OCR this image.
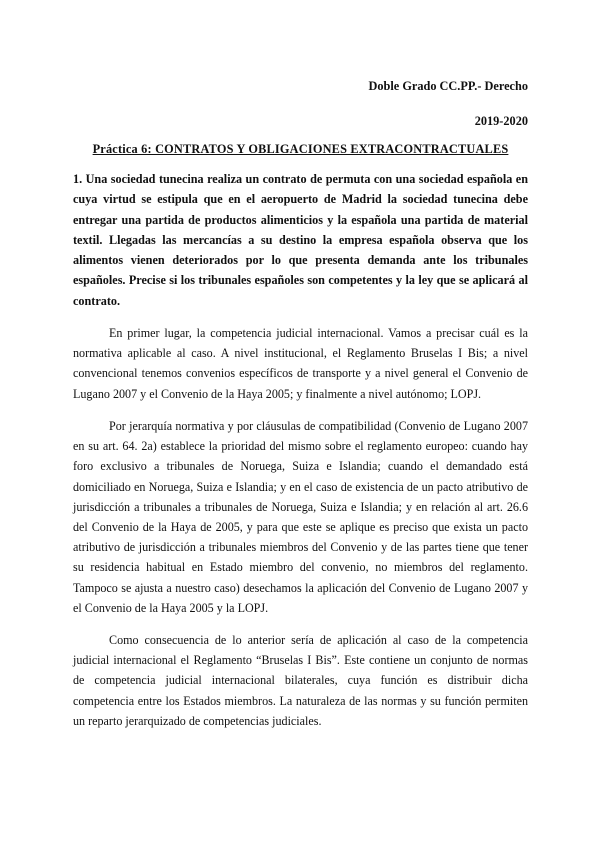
Doble Grado CC.PP.- Derecho

2019-2020

Práctica 6: CONTRATOS Y OBLIGACIONES EXTRACONTRACTUALES

1. Una sociedad tunecina realiza un contrato de permuta con una sociedad española en cuya virtud se estipula que en el aeropuerto de Madrid la sociedad tunecina debe entregar una partida de productos alimenticios y la española una partida de material textil. Llegadas las mercancías a su destino la empresa española observa que los alimentos vienen deteriorados por lo que presenta demanda ante los tribunales españoles. Precise si los tribunales españoles son competentes y la ley que se aplicará al contrato.

En primer lugar, la competencia judicial internacional. Vamos a precisar cuál es la normativa aplicable al caso. A nivel institucional, el Reglamento Bruselas I Bis; a nivel convencional tenemos convenios específicos de transporte y a nivel general el Convenio de Lugano 2007 y el Convenio de la Haya 2005; y finalmente a nivel autónomo; LOPJ.

Por jerarquía normativa y por cláusulas de compatibilidad (Convenio de Lugano 2007 en su art. 64. 2a) establece la prioridad del mismo sobre el reglamento europeo: cuando hay foro exclusivo a tribunales de Noruega, Suiza e Islandia; cuando el demandado está domiciliado en Noruega, Suiza e Islandia; y en el caso de existencia de un pacto atributivo de jurisdicción a tribunales a tribunales de Noruega, Suiza e Islandia; y en relación al art. 26.6 del Convenio de la Haya de 2005, y para que este se aplique es preciso que exista un pacto atributivo de jurisdicción a tribunales miembros del Convenio y de las partes tiene que tener su residencia habitual en Estado miembro del convenio, no miembros del reglamento. Tampoco se ajusta a nuestro caso) desechamos la aplicación del Convenio de Lugano 2007 y el Convenio de la Haya 2005 y la LOPJ.

Como consecuencia de lo anterior sería de aplicación al caso de la competencia judicial internacional el Reglamento “Bruselas I Bis”. Este contiene un conjunto de normas de competencia judicial internacional bilaterales, cuya función es distribuir dicha competencia entre los Estados miembros. La naturaleza de las normas y su función permiten un reparto jerarquizado de competencias judiciales.
